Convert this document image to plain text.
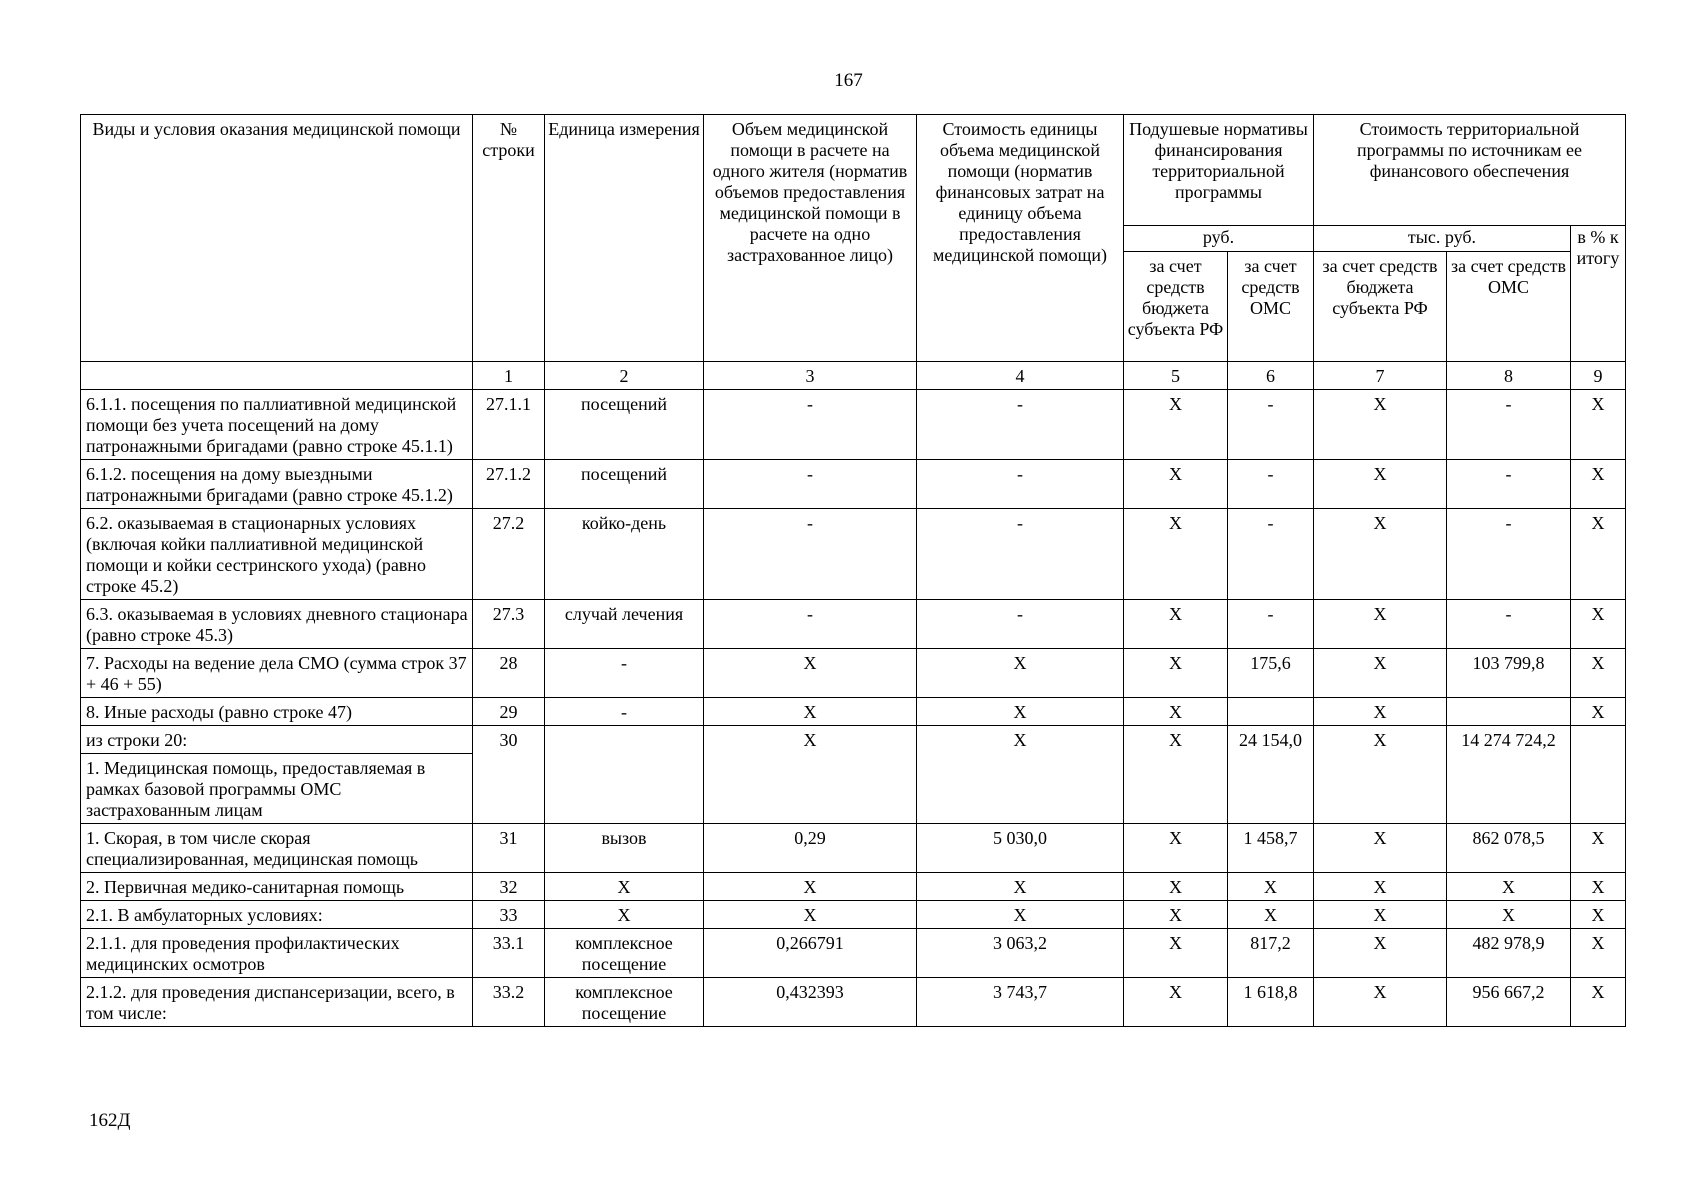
167
Виды и условия оказания медицинской помощи	№ строки	Единица измерения	Объем медицинской помощи в расчете на одного жителя (норматив объемов предоставления медицинской помощи в расчете на одно застрахованное лицо)	Стоимость единицы объема медицинской помощи (норматив финансовых затрат на единицу объема предоставления медицинской помощи)	Подушевые нормативы финансирования территориальной программы		Стоимость территориальной программы по источникам ее финансового обеспечения		
					руб.		тыс. руб.		в % к итогу
					за счет средств бюджета субъекта РФ	за счет средств ОМС	за счет средств бюджета субъекта РФ	за счет средств ОМС	
	1	2	3	4	5	6	7	8	9
6.1.1. посещения по паллиативной медицинской помощи без учета посещений на дому патронажными бригадами (равно строке 45.1.1)	27.1.1	посещений	-	-	X	-	X	-	X
6.1.2. посещения на дому выездными патронажными бригадами (равно строке 45.1.2)	27.1.2	посещений	-	-	X	-	X	-	X
6.2. оказываемая в стационарных условиях (включая койки паллиативной медицинской помощи и койки сестринского ухода) (равно строке 45.2)	27.2	койко-день	-	-	X	-	X	-	X
6.3. оказываемая в условиях дневного стационара (равно строке 45.3)	27.3	случай лечения	-	-	X	-	X	-	X
7. Расходы на ведение дела СМО (сумма строк 37 + 46 + 55)	28	-	X	X	X	175,6	X	103 799,8	X
8. Иные расходы (равно строке 47)	29	-	X	X	X		X		X
из строки 20:	30		X	X	X	24 154,0	X	14 274 724,2	
1. Медицинская помощь, предоставляемая в рамках базовой программы ОМС застрахованным лицам									
1. Скорая, в том числе скорая специализированная, медицинская помощь	31	вызов	0,29	5 030,0	X	1 458,7	X	862 078,5	X
2. Первичная медико-санитарная помощь	32	X	X	X	X	X	X	X	X
2.1. В амбулаторных условиях:	33	X	X	X	X	X	X	X	X
2.1.1. для проведения профилактических медицинских осмотров	33.1	комплексное посещение	0,266791	3 063,2	X	817,2	X	482 978,9	X
2.1.2. для проведения диспансеризации, всего, в том числе:	33.2	комплексное посещение	0,432393	3 743,7	X	1 618,8	X	956 667,2	X
162Д
